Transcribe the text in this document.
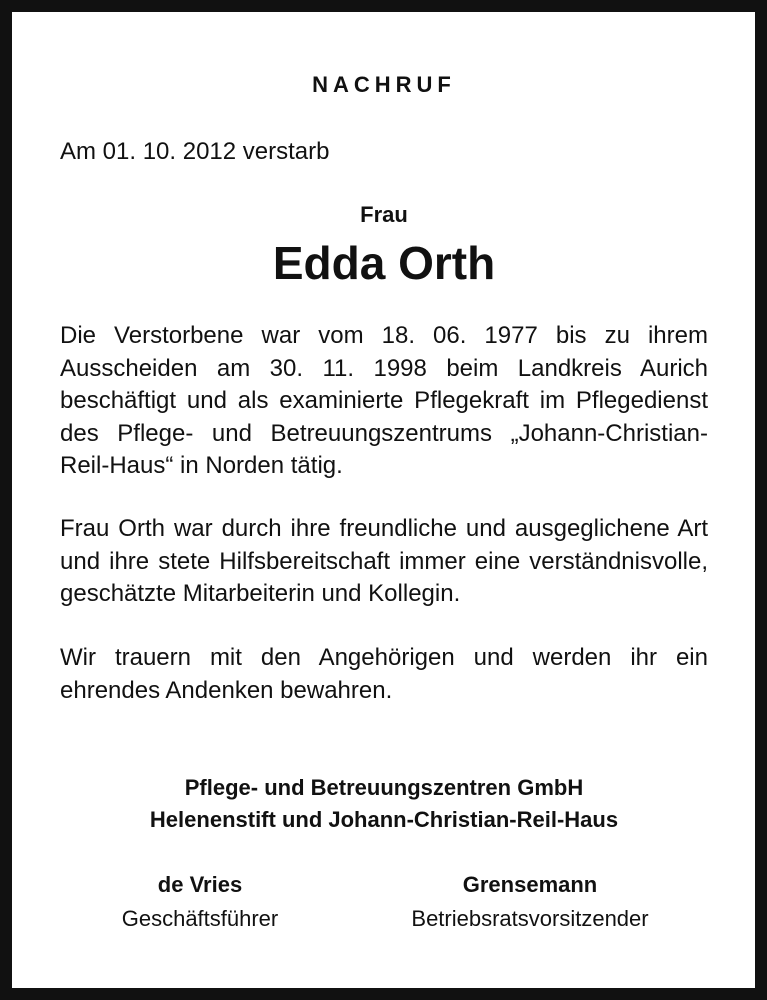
NACHRUF
Am 01. 10. 2012 verstarb
Frau
Edda Orth
Die Verstorbene war vom 18. 06. 1977 bis zu ihrem Ausscheiden am 30. 11. 1998 beim Landkreis Aurich beschäftigt und als examinierte Pflegekraft im Pflegedienst des Pflege- und Betreuungszentrums „Johann-Christian-Reil-Haus“ in Norden tätig.
Frau Orth war durch ihre freundliche und ausgeglichene Art und ihre stete Hilfsbereitschaft immer eine verständnisvolle, geschätzte Mitarbeiterin und Kollegin.
Wir trauern mit den Angehörigen und werden ihr ein ehrendes Andenken bewahren.
Pflege- und Betreuungszentren GmbH
Helenenstift und Johann-Christian-Reil-Haus
de Vries
Geschäftsführer
Grensemann
Betriebsratsvorsitzender
